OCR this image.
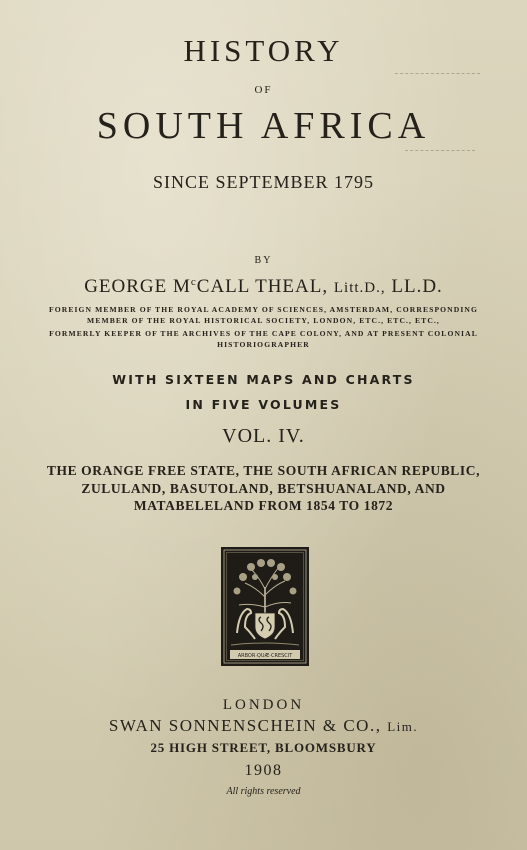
HISTORY
OF
SOUTH AFRICA
SINCE SEPTEMBER 1795
BY
GEORGE $M^cCALL$ THEAL, Litt.D., LL.D.
FOREIGN MEMBER OF THE ROYAL ACADEMY OF SCIENCES, AMSTERDAM, CORRESPONDING
MEMBER OF THE ROYAL HISTORICAL SOCIETY, LONDON, ETC., ETC., ETC.,
FORMERLY KEEPER OF THE ARCHIVES OF THE CAPE COLONY, AND AT PRESENT COLONIAL
HISTORIOGRAPHER
WITH SIXTEEN MAPS AND CHARTS
IN FIVE VOLUMES
VOL. IV.
THE ORANGE FREE STATE, THE SOUTH AFRICAN REPUBLIC,
ZULULAND, BASUTOLAND, BETSHUANALAND, AND
MATABELELAND FROM 1854 TO 1872
ARBOR·QUÆ·CRESCIT
LONDON
SWAN SONNENSCHEIN & CO., Lim.
25 HIGH STREET, BLOOMSBURY
1908
All rights reserved
